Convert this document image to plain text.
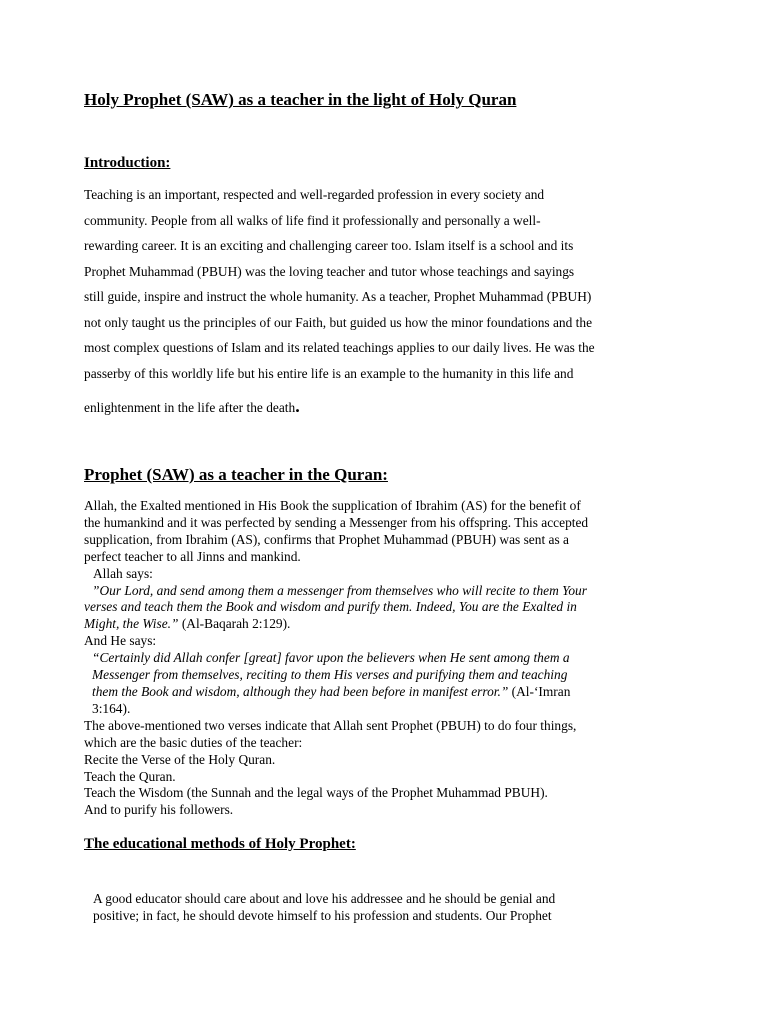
Holy Prophet (SAW) as a teacher in the light of Holy Quran
Introduction:

Teaching is an important, respected and well-regarded profession in every society and

community. People from all walks of life find it professionally and personally a well-

rewarding career. It is an exciting and challenging career too. Islam itself is a school and its

Prophet Muhammad (PBUH) was the loving teacher and tutor whose teachings and sayings

still guide, inspire and instruct the whole humanity. As a teacher, Prophet Muhammad (PBUH)

not only taught us the principles of our Faith, but guided us how the minor foundations and the

most complex questions of Islam and its related teachings applies to our daily lives. He was the

passerby of this worldly life but his entire life is an example to the humanity in this life and

enlightenment in the life after the death.

Prophet (SAW) as a teacher in the Quran:

Allah, the Exalted mentioned in His Book the supplication of Ibrahim (AS) for the benefit of

the humankind and it was perfected by sending a Messenger from his offspring. This accepted

supplication, from Ibrahim (AS), confirms that Prophet Muhammad (PBUH) was sent as a

perfect teacher to all Jinns and mankind.

Allah says:

”Our Lord, and send among them a messenger from themselves who will recite to them Your

verses and teach them the Book and wisdom and purify them. Indeed, You are the Exalted in

Might, the Wise.” (Al-Baqarah 2:129).

And He says:

“Certainly did Allah confer [great] favor upon the believers when He sent among them a

Messenger from themselves, reciting to them His verses and purifying them and teaching

them the Book and wisdom, although they had been before in manifest error.” (Al-‘Imran

3:164).

The above-mentioned two verses indicate that Allah sent Prophet (PBUH) to do four things,

which are the basic duties of the teacher:

Recite the Verse of the Holy Quran.

Teach the Quran.

Teach the Wisdom (the Sunnah and the legal ways of the Prophet Muhammad PBUH).

And to purify his followers.

The educational methods of Holy Prophet:

A good educator should care about and love his addressee and he should be genial and

positive; in fact, he should devote himself to his profession and students. Our Prophet
